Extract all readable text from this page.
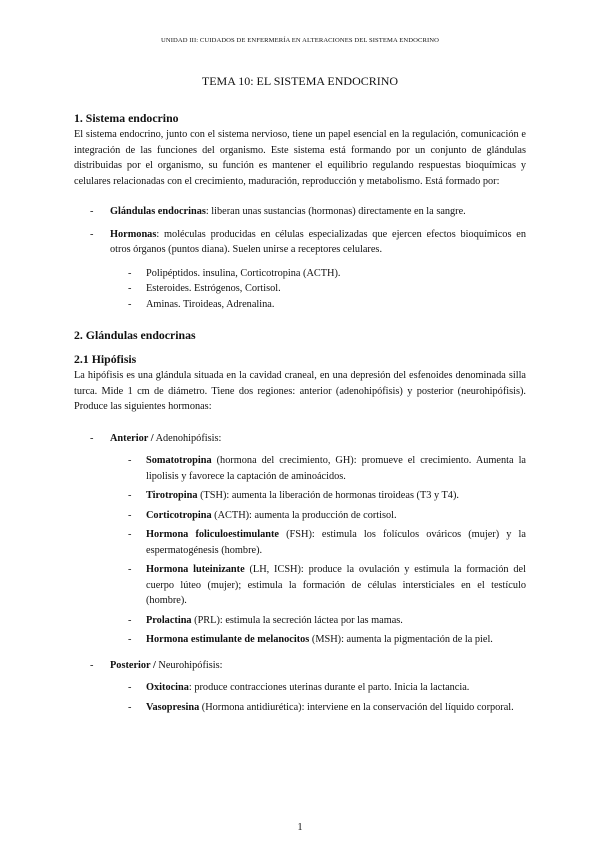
UNIDAD III: CUIDADOS DE ENFERMERÍA EN ALTERACIONES DEL SISTEMA ENDOCRINO
TEMA 10: EL SISTEMA ENDOCRINO
1. Sistema endocrino

El sistema endocrino, junto con el sistema nervioso, tiene un papel esencial en la regulación, comunicación e integración de las funciones del organismo. Este sistema está formando por un conjunto de glándulas distribuidas por el organismo, su función es mantener el equilibrio regulando respuestas bioquímicas y celulares relacionadas con el crecimiento, maduración, reproducción y metabolismo. Está formado por:

- Glándulas endocrinas: liberan unas sustancias (hormonas) directamente en la sangre.
- Hormonas: moléculas producidas en células especializadas que ejercen efectos bioquímicos en otros órganos (puntos diana). Suelen unirse a receptores celulares.
- Polipéptidos. insulina, Corticotropina (ACTH).
- Esteroides. Estrógenos, Cortisol.
- Aminas. Tiroideas, Adrenalina.
2. Glándulas endocrinas
2.1 Hipófisis

La hipófisis es una glándula situada en la cavidad craneal, en una depresión del esfenoides denominada silla turca. Mide 1 cm de diámetro. Tiene dos regiones: anterior (adenohipófisis) y posterior (neurohipófisis). Produce las siguientes hormonas:

- Anterior / Adenohipófisis:
- Somatotropina (hormona del crecimiento, GH): promueve el crecimiento. Aumenta la lipolisis y favorece la captación de aminoácidos.
- Tirotropina (TSH): aumenta la liberación de hormonas tiroideas (T3 y T4).
- Corticotropina (ACTH): aumenta la producción de cortisol.
- Hormona foliculoestimulante (FSH): estimula los folículos ováricos (mujer) y la espermatogénesis (hombre).
- Hormona luteinizante (LH, ICSH): produce la ovulación y estimula la formación del cuerpo lúteo (mujer); estimula la formación de células intersticiales en el testículo (hombre).
- Prolactina (PRL): estimula la secreción láctea por las mamas.
- Hormona estimulante de melanocitos (MSH): aumenta la pigmentación de la piel.
- Posterior / Neurohipófisis:
- Oxitocina: produce contracciones uterinas durante el parto. Inicia la lactancia.
- Vasopresina (Hormona antidiurética): interviene en la conservación del líquido corporal.
1
